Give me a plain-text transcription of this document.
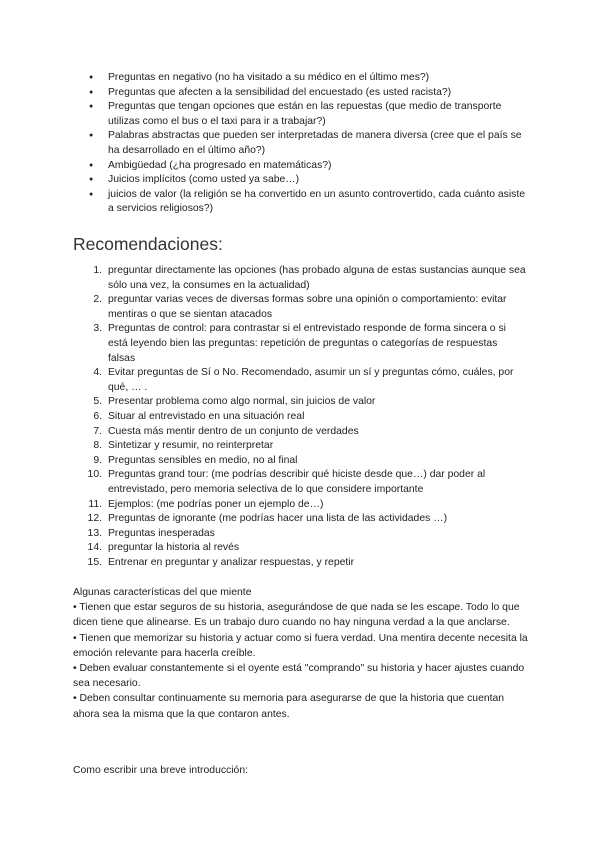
● Preguntas en negativo (no ha visitado a su médico en el último mes?)
● Preguntas que afecten a la sensibilidad del encuestado (es usted racista?)
● Preguntas que tengan opciones que están en las repuestas (que medio de transporte utilizas como el bus o el taxi para ir a trabajar?)
● Palabras abstractas que pueden ser interpretadas de manera diversa (cree que el país se ha desarrollado en el último año?)
● Ambigüedad (¿ha progresado en matemáticas?)
● Juicios implícitos (como usted ya sabe…)
● juicios de valor (la religión se ha convertido en un asunto controvertido, cada cuánto asiste a servicios religiosos?)
Recomendaciones:
1. preguntar directamente las opciones (has probado alguna de estas sustancias aunque sea sólo una vez, la consumes en la actualidad)
2. preguntar varias veces de diversas formas sobre una opinión o comportamiento: evitar mentiras o que se sientan atacados
3. Preguntas de control: para contrastar si el entrevistado responde de forma sincera o si está leyendo bien las preguntas: repetición de preguntas o categorías de respuestas falsas
4. Evitar preguntas de Sí o No. Recomendado, asumir un sí y preguntas cómo, cuáles, por qué, … .
5. Presentar problema como algo normal, sin juicios de valor
6. Situar al entrevistado en una situación real
7. Cuesta más mentir dentro de un conjunto de verdades
8. Sintetizar y resumir, no reinterpretar
9. Preguntas sensibles en medio, no al final
10. Preguntas grand tour: (me podrías describir qué hiciste desde que…) dar poder al entrevistado, pero memoria selectiva de lo que considere importante
11. Ejemplos: (me podrías poner un ejemplo de…)
12. Preguntas de ignorante (me podrías hacer una lista de las actividades …)
13. Preguntas inesperadas
14. preguntar la historia al revés
15. Entrenar en preguntar y analizar respuestas, y repetir
Algunas características del que miente
• Tienen que estar seguros de su historia, asegurándose de que nada se les escape. Todo lo que dicen tiene que alinearse. Es un trabajo duro cuando no hay ninguna verdad a la que anclarse.
• Tienen que memorizar su historia y actuar como si fuera verdad. Una mentira decente necesita la emoción relevante para hacerla creíble.
• Deben evaluar constantemente si el oyente está "comprando" su historia y hacer ajustes cuando sea necesario.
• Deben consultar continuamente su memoria para asegurarse de que la historia que cuentan ahora sea la misma que la que contaron antes.

Como escribir una breve introducción:
